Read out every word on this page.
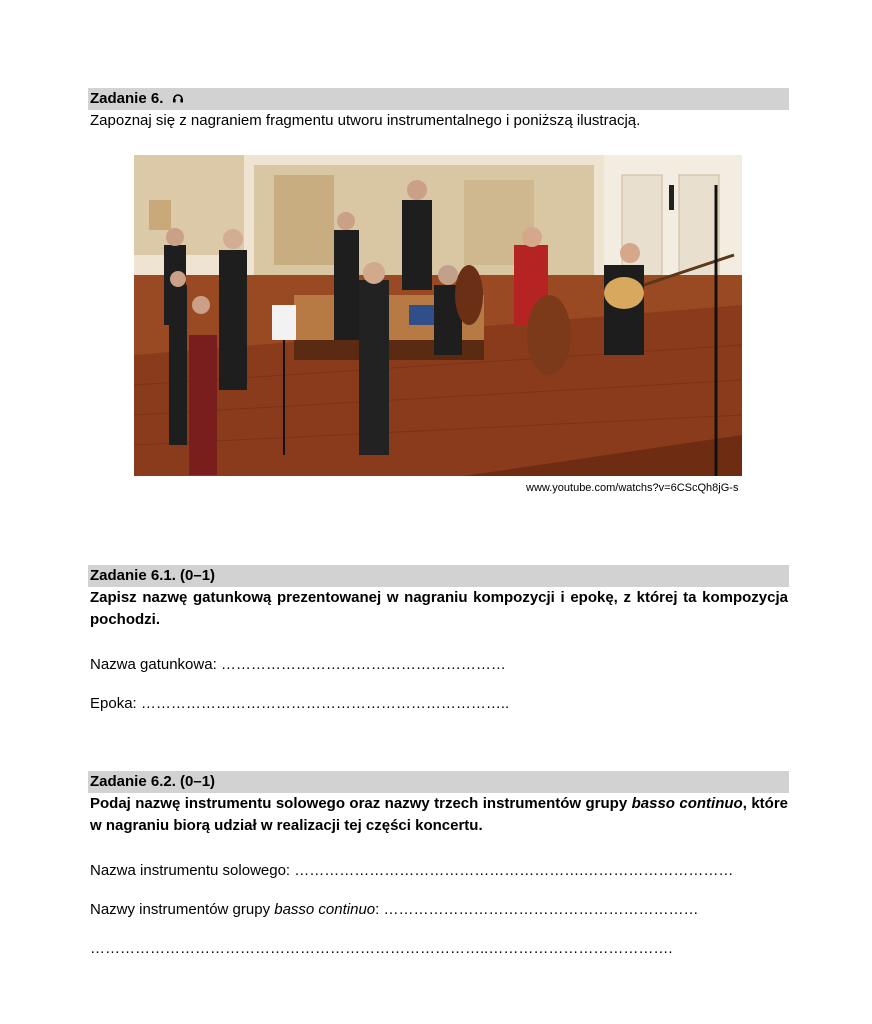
Zadanie 6.
Zapoznaj się z nagraniem fragmentu utworu instrumentalnego i poniższą ilustracją.
www.youtube.com/watchs?v=6CScQh8jG-s
Zadanie 6.1. (0–1)
Zapisz nazwę gatunkową prezentowanej w nagraniu kompozycji i epokę, z której ta kompozycja pochodzi.
Nazwa gatunkowa: …………………………………………………
Epoka: ………………………………………………………………..
Zadanie 6.2. (0–1)
Podaj nazwę instrumentu solowego oraz nazwy trzech instrumentów grupy basso continuo, które w nagraniu biorą udział w realizacji tej części koncertu.
Nazwa instrumentu solowego: ………………………………………………….…………………………
Nazwy instrumentów grupy basso continuo: ………………………………………………………
……………………………………………………………………..……………………………….
